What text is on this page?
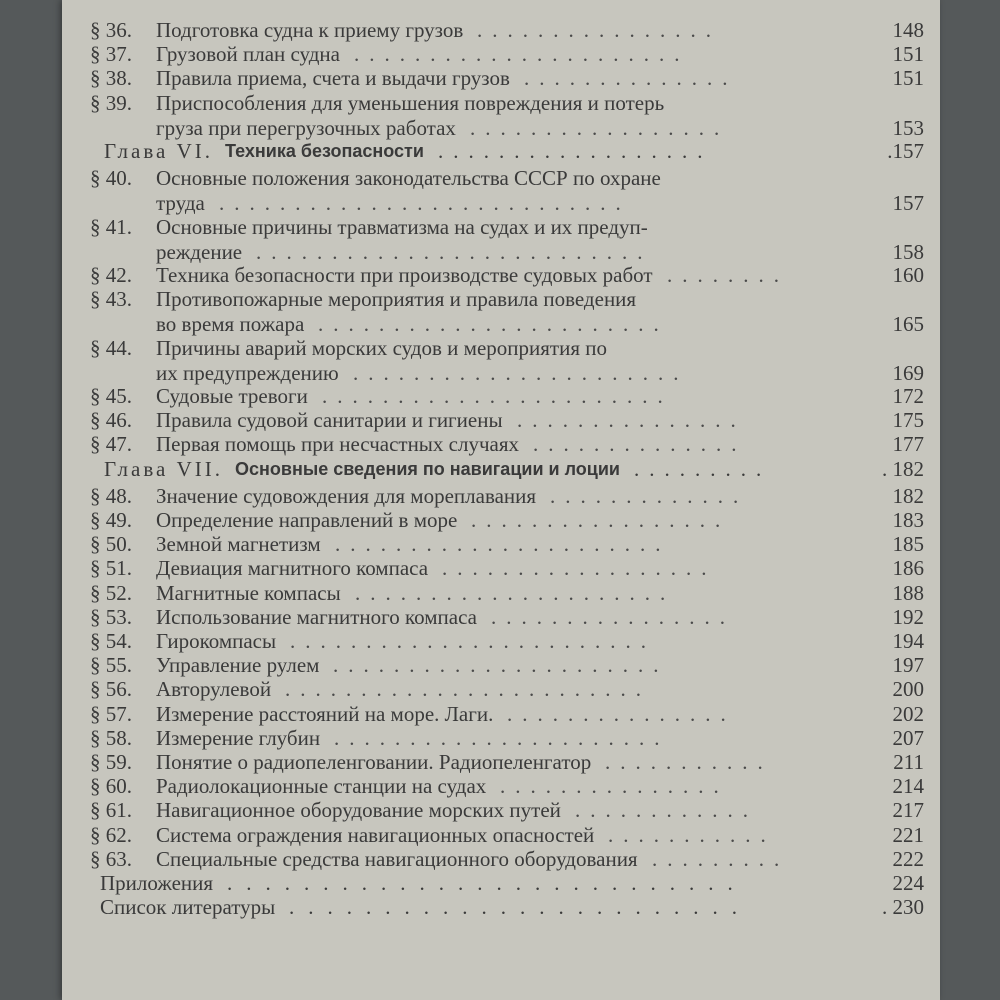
§ 36. Подготовка судна к приему грузов	148
................
§ 37. Грузовой план судна	151
......................
§ 38. Правила приема, счета и выдачи грузов	151
..............
§ 39. Приспособления для уменьшения повреждения и потерь
груза при перегрузочных работах	153
.................
Глава VI. Техника безопасности	.157
..................
§ 40. Основные положения законодательства СССР по охране
труда	157
...........................
§ 41. Основные причины травматизма на судах и их предуп-
реждение	158
..........................
§ 42. Техника безопасности при производстве судовых работ	160
........
§ 43. Противопожарные мероприятия и правила поведения
во время пожара	165
.......................
§ 44. Причины аварий морских судов и мероприятия по
их предупреждению	169
......................
§ 45. Судовые тревоги	172
.......................
§ 46. Правила судовой санитарии и гигиены	175
...............
§ 47. Первая помощь при несчастных случаях	177
..............
Глава VII. Основные сведения по навигации и лоции	. 182
.........
§ 48. Значение судовождения для мореплавания	182
.............
§ 49. Определение направлений в море	183
.................
§ 50. Земной магнетизм	185
......................
§ 51. Девиация магнитного компаса	186
..................
§ 52. Магнитные компасы	188
.....................
§ 53. Использование магнитного компаса	192
................
§ 54. Гирокомпасы	194
........................
§ 55. Управление рулем	197
......................
§ 56. Авторулевой	200
........................
§ 57. Измерение расстояний на море. Лаги.	202
...............
§ 58. Измерение глубин	207
......................
§ 59. Понятие о радиопеленговании. Радиопеленгатор	211
...........
§ 60. Радиолокационные станции на судах	214
...............
§ 61. Навигационное оборудование морских путей	217
............
§ 62. Система ограждения навигационных опасностей	221
...........
§ 63. Специальные средства навигационного оборудования	222
.........
Приложения	224
...........................
Список литературы	. 230
........................
